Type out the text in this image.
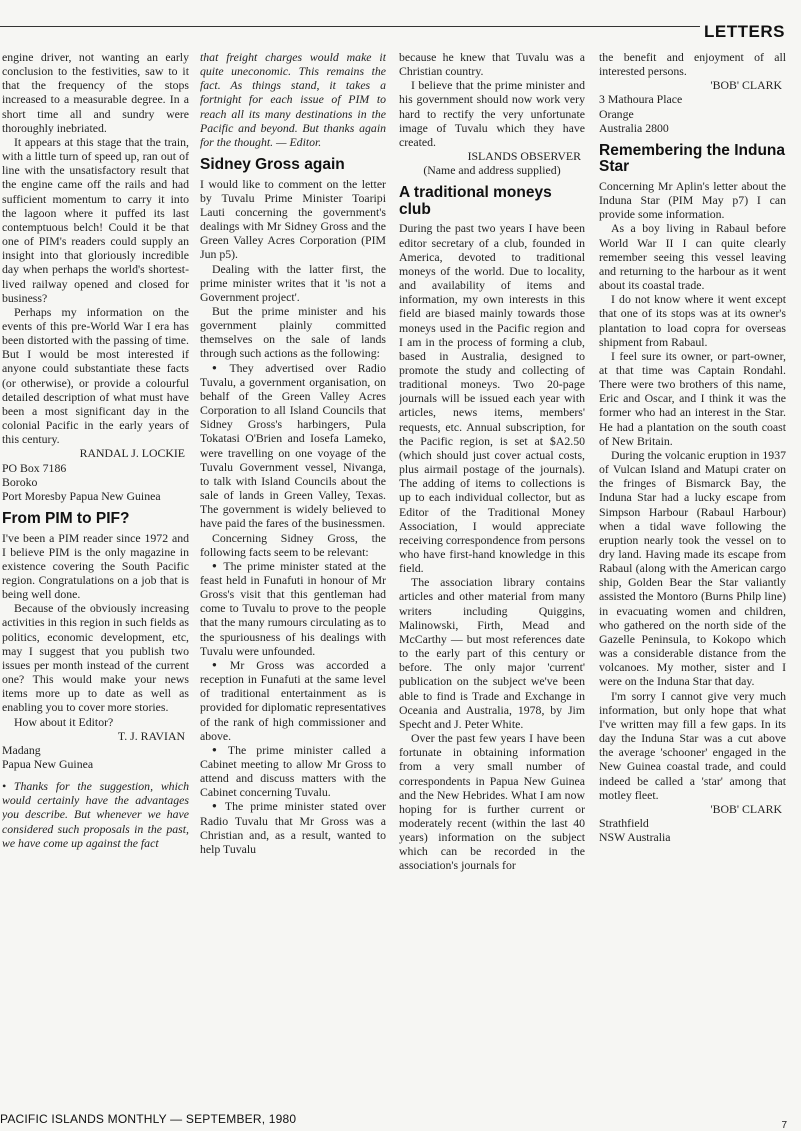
LETTERS

engine driver, not wanting an early conclusion to the festivities, saw to it that the frequency of the stops increased to a measurable degree. In a short time all and sundry were thoroughly inebriated.

It appears at this stage that the train, with a little turn of speed up, ran out of line with the unsatisfactory result that the engine came off the rails and had sufficient momentum to carry it into the lagoon where it puffed its last contemptuous belch! Could it be that one of PIM's readers could supply an insight into that gloriously incredible day when perhaps the world's shortest-lived railway opened and closed for business?

Perhaps my information on the events of this pre-World War I era has been distorted with the passing of time. But I would be most interested if anyone could substantiate these facts (or otherwise), or provide a colourful detailed description of what must have been a most significant day in the colonial Pacific in the early years of this century.

RANDAL J. LOCKIE
PO Box 7186
Boroko
Port Moresby Papua New Guinea
From PIM to PIF?

I've been a PIM reader since 1972 and I believe PIM is the only magazine in existence covering the South Pacific region. Congratulations on a job that is being well done.

Because of the obviously increasing activities in this region in such fields as politics, economic development, etc, may I suggest that you publish two issues per month instead of the current one? This would make your news items more up to date as well as enabling you to cover more stories.

How about it Editor?

T. J. RAVIAN
Madang
Papua New Guinea

• Thanks for the suggestion, which would certainly have the advantages you describe. But whenever we have considered such proposals in the past, we have come up against the fact

that freight charges would make it quite uneconomic. This remains the fact. As things stand, it takes a fortnight for each issue of PIM to reach all its many destinations in the Pacific and beyond. But thanks again for the thought. — Editor.

Sidney Gross again

I would like to comment on the letter by Tuvalu Prime Minister Toaripi Lauti concerning the government's dealings with Mr Sidney Gross and the Green Valley Acres Corporation (PIM Jun p5).

Dealing with the latter first, the prime minister writes that it 'is not a Government project'.

But the prime minister and his government plainly committed themselves on the sale of lands through such actions as the following:

● They advertised over Radio Tuvalu, a government organisation, on behalf of the Green Valley Acres Corporation to all Island Councils that Sidney Gross's harbingers, Pula Tokatasi O'Brien and Iosefa Lameko, were travelling on one voyage of the Tuvalu Government vessel, Nivanga, to talk with Island Councils about the sale of lands in Green Valley, Texas. The government is widely believed to have paid the fares of the businessmen.

Concerning Sidney Gross, the following facts seem to be relevant:

● The prime minister stated at the feast held in Funafuti in honour of Mr Gross's visit that this gentleman had come to Tuvalu to prove to the people that the many rumours circulating as to the spuriousness of his dealings with Tuvalu were unfounded.

● Mr Gross was accorded a reception in Funafuti at the same level of traditional entertainment as is provided for diplomatic representatives of the rank of high commissioner and above.

● The prime minister called a Cabinet meeting to allow Mr Gross to attend and discuss matters with the Cabinet concerning Tuvalu.

● The prime minister stated over Radio Tuvalu that Mr Gross was a Christian and, as a result, wanted to help Tuvalu

because he knew that Tuvalu was a Christian country.

I believe that the prime minister and his government should now work very hard to rectify the very unfortunate image of Tuvalu which they have created.

ISLANDS OBSERVER
(Name and address supplied)
A traditional moneys club

During the past two years I have been editor secretary of a club, founded in America, devoted to traditional moneys of the world. Due to locality, and availability of items and information, my own interests in this field are biased mainly towards those moneys used in the Pacific region and I am in the process of forming a club, based in Australia, designed to promote the study and collecting of traditional moneys. Two 20-page journals will be issued each year with articles, news items, members' requests, etc. Annual subscription, for the Pacific region, is set at $A2.50 (which should just cover actual costs, plus airmail postage of the journals). The adding of items to collections is up to each individual collector, but as Editor of the Traditional Money Association, I would appreciate receiving correspondence from persons who have first-hand knowledge in this field.

The association library contains articles and other material from many writers including Quiggins, Malinowski, Firth, Mead and McCarthy — but most references date to the early part of this century or before. The only major 'current' publication on the subject we've been able to find is Trade and Exchange in Oceania and Australia, 1978, by Jim Specht and J. Peter White.

Over the past few years I have been fortunate in obtaining information from a very small number of correspondents in Papua New Guinea and the New Hebrides. What I am now hoping for is further current or moderately recent (within the last 40 years) information on the subject which can be recorded in the association's journals for

the benefit and enjoyment of all interested persons.

'BOB' CLARK
3 Mathoura Place
Orange
Australia 2800
Remembering the Induna Star

Concerning Mr Aplin's letter about the Induna Star (PIM May p7) I can provide some information.

As a boy living in Rabaul before World War II I can quite clearly remember seeing this vessel leaving and returning to the harbour as it went about its coastal trade.

I do not know where it went except that one of its stops was at its owner's plantation to load copra for overseas shipment from Rabaul.

I feel sure its owner, or part-owner, at that time was Captain Rondahl. There were two brothers of this name, Eric and Oscar, and I think it was the former who had an interest in the Star. He had a plantation on the south coast of New Britain.

During the volcanic eruption in 1937 of Vulcan Island and Matupi crater on the fringes of Bismarck Bay, the Induna Star had a lucky escape from Simpson Harbour (Rabaul Harbour) when a tidal wave following the eruption nearly took the vessel on to dry land. Having made its escape from Rabaul (along with the American cargo ship, Golden Bear the Star valiantly assisted the Montoro (Burns Philp line) in evacuating women and children, who gathered on the north side of the Gazelle Peninsula, to Kokopo which was a considerable distance from the volcanoes. My mother, sister and I were on the Induna Star that day.

I'm sorry I cannot give very much information, but only hope that what I've written may fill a few gaps. In its day the Induna Star was a cut above the average 'schooner' engaged in the New Guinea coastal trade, and could indeed be called a 'star' among that motley fleet.

'BOB' CLARK
Strathfield
NSW Australia
PACIFIC ISLANDS MONTHLY — SEPTEMBER, 1980	7
